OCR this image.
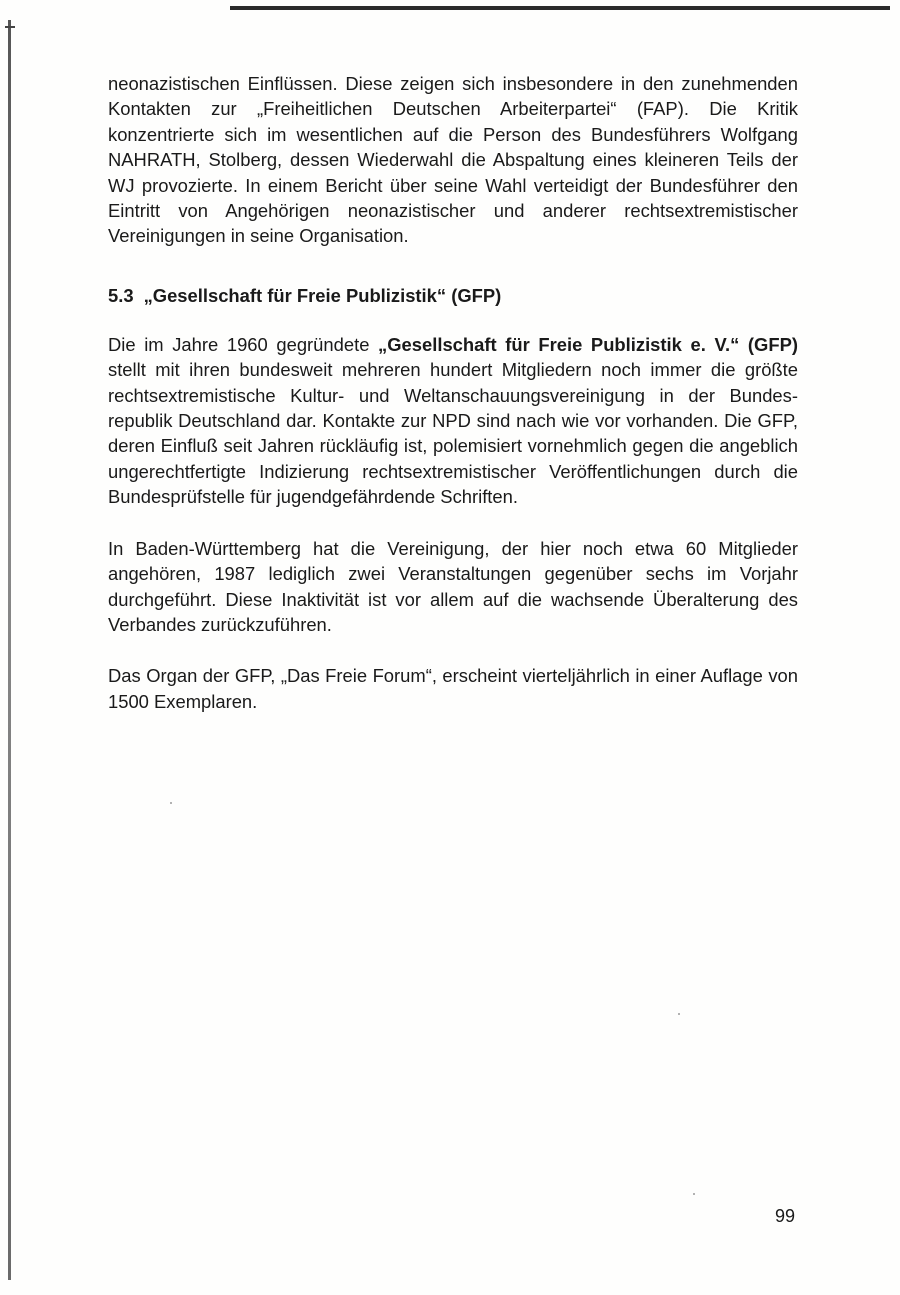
neonazistischen Einflüssen. Diese zeigen sich insbesondere in den zunehmenden Kontakten zur „Freiheitlichen Deutschen Arbeiterpartei“ (FAP). Die Kritik konzentrierte sich im wesentlichen auf die Person des Bundesführers Wolfgang NAHRATH, Stolberg, dessen Wiederwahl die Abspaltung eines kleineren Teils der WJ provozierte. In einem Bericht über seine Wahl verteidigt der Bundesführer den Eintritt von Angehörigen neonazistischer und anderer rechtsextremistischer Vereinigungen in seine Organisation.

5.3 „Gesellschaft für Freie Publizistik“ (GFP)

Die im Jahre 1960 gegründete „Gesellschaft für Freie Publizistik e. V.“ (GFP) stellt mit ihren bundesweit mehreren hundert Mitgliedern noch immer die größte rechtsextremistische Kultur- und Weltanschauungsvereinigung in der Bundesrepublik Deutschland dar. Kontakte zur NPD sind nach wie vor vorhanden. Die GFP, deren Einfluß seit Jahren rückläufig ist, polemisiert vornehmlich gegen die angeblich ungerechtfertigte Indizierung rechtsextremistischer Veröffentlichungen durch die Bundesprüfstelle für jugendgefährdende Schriften.

In Baden-Württemberg hat die Vereinigung, der hier noch etwa 60 Mitglieder angehören, 1987 lediglich zwei Veranstaltungen gegenüber sechs im Vorjahr durchgeführt. Diese Inaktivität ist vor allem auf die wachsende Überalterung des Verbandes zurückzuführen.

Das Organ der GFP, „Das Freie Forum“, erscheint vierteljährlich in einer Auflage von 1500 Exemplaren.

99
